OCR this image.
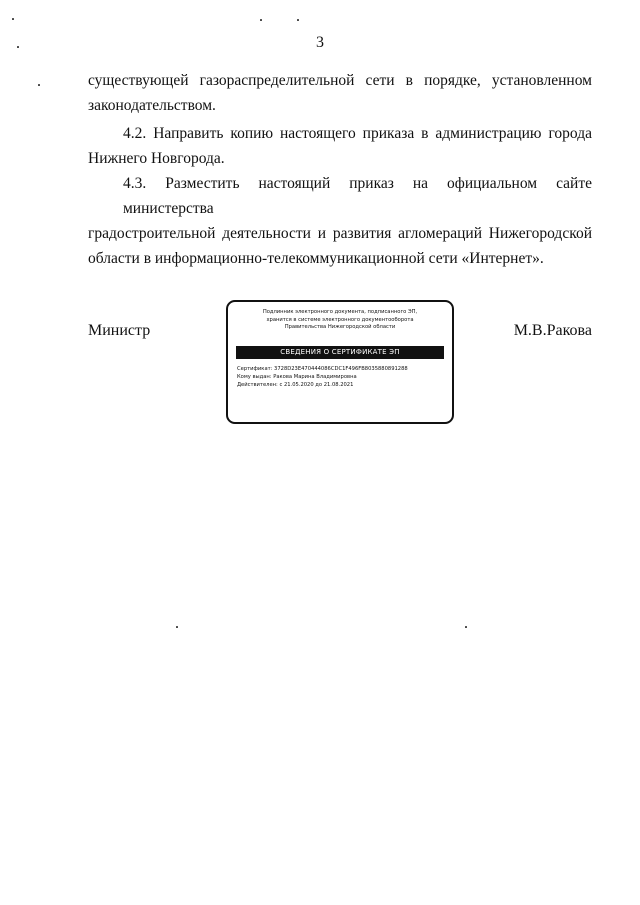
3

существующей газораспределительной сети в порядке, установленном
законодательством.

4.2. Направить копию настоящего приказа в администрацию города
Нижнего Новгорода.

4.3. Разместить настоящий приказ на официальном сайте министерства
градостроительной деятельности и развития агломераций Нижегородской
области в информационно-телекоммуникационной сети «Интернет».

Министр	М.В.Ракова
Подлинник электронного документа, подписанного ЭП,
хранится в системе электронного документооборота
Правительства Нижегородской области
СВЕДЕНИЯ О СЕРТИФИКАТЕ ЭП
Сертификат: 3728D23E470444086CDC1F496FB8035880891288
Кому выдан: Ракова Марина Владимировна
Действителен: с 21.05.2020 до 21.08.2021
